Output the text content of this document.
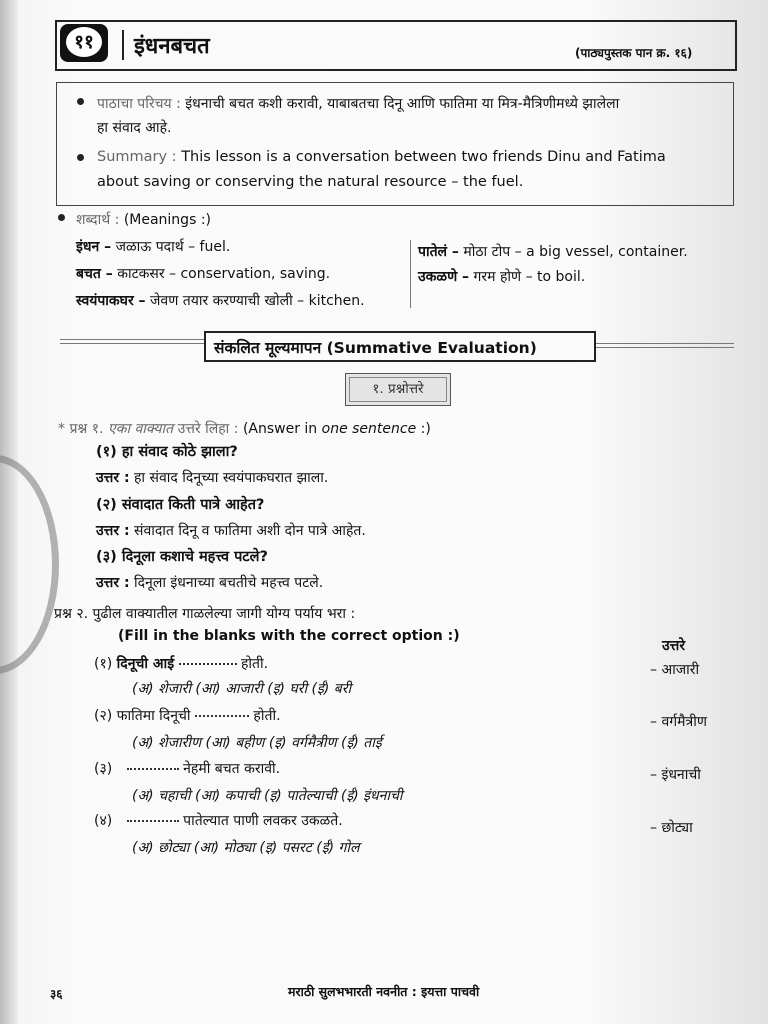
११	इंधनबचत	(पाठ्यपुस्तक पान क्र. १६)
पाठाचा परिचय : इंधनाची बचत कशी करावी, याबाबतचा दिनू आणि फातिमा या मित्र-मैत्रिणीमध्ये झालेला
हा संवाद आहे.
Summary : This lesson is a conversation between two friends Dinu and Fatima
about saving or conserving the natural resource – the fuel.
शब्दार्थ : (Meanings :)
इंधन – जळाऊ पदार्थ – fuel.
बचत – काटकसर – conservation, saving.
स्वयंपाकघर – जेवण तयार करण्याची खोली – kitchen.
पातेलं – मोठा टोप – a big vessel, container.
उकळणे – गरम होणे – to boil.
संकलित मूल्यमापन (Summative Evaluation)
१. प्रश्नोत्तरे
* प्रश्न १. एका वाक्यात उत्तरे लिहा : (Answer in one sentence :)
(१) हा संवाद कोठे झाला?
उत्तर : हा संवाद दिनूच्या स्वयंपाकघरात झाला.
(२) संवादात किती पात्रे आहेत?
उत्तर : संवादात दिनू व फातिमा अशी दोन पात्रे आहेत.
(३) दिनूला कशाचे महत्त्व पटले?
उत्तर : दिनूला इंधनाच्या बचतीचे महत्त्व पटले.
प्रश्न २. पुढील वाक्यातील गाळलेल्या जागी योग्य पर्याय भरा :
(Fill in the blanks with the correct option :)
उत्तरे
(१) दिनूची आई	होती.	– आजारी
(अ) शेजारी (आ) आजारी (इ) घरी (ई) बरी
(२) फातिमा दिनूची	होती.	– वर्गमैत्रीण
(अ) शेजारीण (आ) बहीण (इ) वर्गमैत्रीण (ई) ताई
(३)	नेहमी बचत करावी.	– इंधनाची
(अ) चहाची (आ) कपाची (इ) पातेल्याची (ई) इंधनाची
(४)	पातेल्यात पाणी लवकर उकळते.	– छोट्या
(अ) छोट्या (आ) मोठ्या (इ) पसरट (ई) गोल
३६	मराठी सुलभभारती नवनीत : इयत्ता पाचवी
